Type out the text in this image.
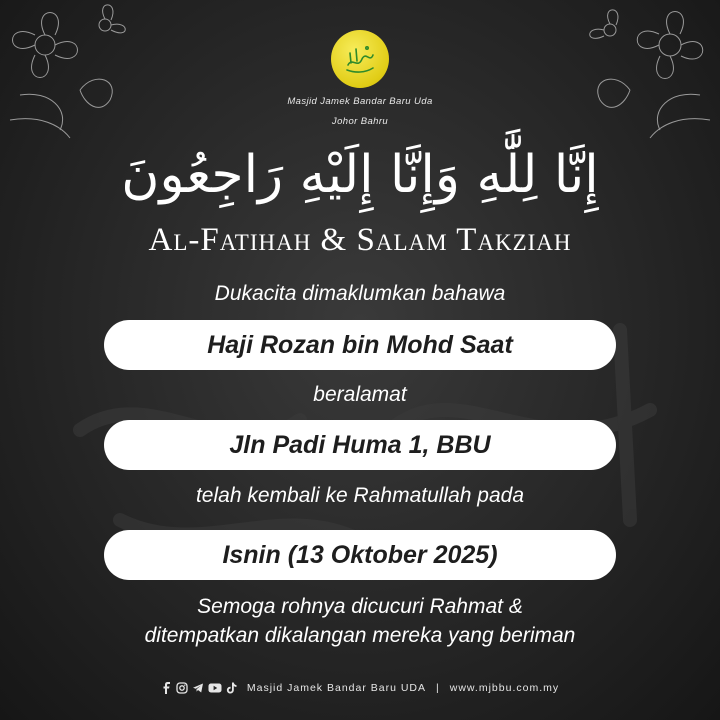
Masjid Jamek Bandar Baru Uda
Johor Bahru
إِنَّا لِلَّٰهِ وَإِنَّا إِلَيْهِ رَاجِعُونَ
Al-Fatihah & Salam Takziah
Dukacita dimaklumkan bahawa
Haji Rozan bin Mohd Saat
beralamat
Jln Padi Huma 1, BBU
telah kembali ke Rahmatullah pada
Isnin (13 Oktober 2025)
Semoga rohnya dicucuri Rahmat &
ditempatkan dikalangan mereka yang beriman
Masjid Jamek Bandar Baru UDA | www.mjbbu.com.my
